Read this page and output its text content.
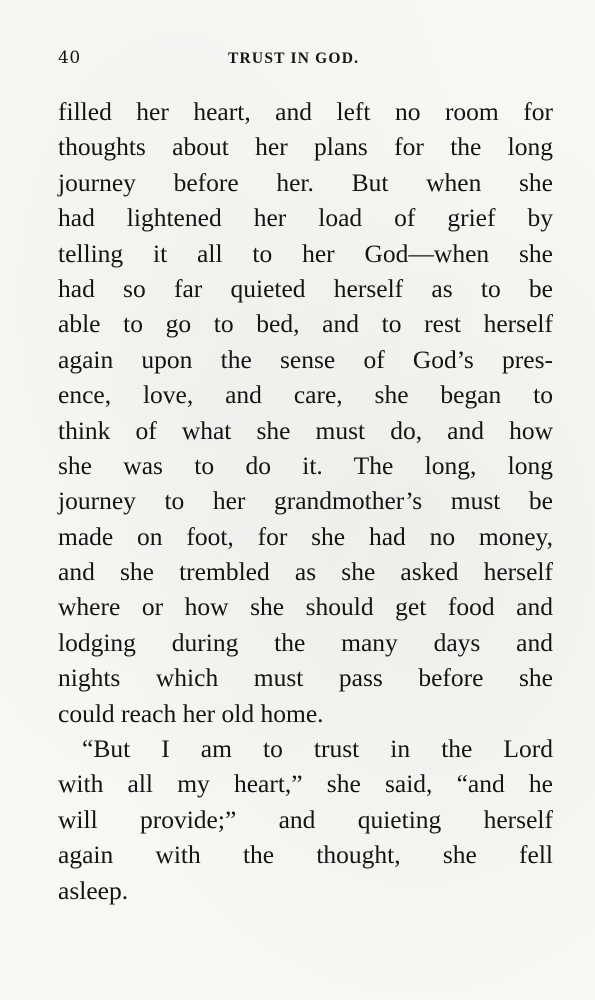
40	TRUST IN GOD.
filled her heart, and left no room for
thoughts about her plans for the long
journey before her. But when she
had lightened her load of grief by
telling it all to her God—when she
had so far quieted herself as to be
able to go to bed, and to rest herself
again upon the sense of God’s pres-
ence, love, and care, she began to
think of what she must do, and how
she was to do it. The long, long
journey to her grandmother’s must be
made on foot, for she had no money,
and she trembled as she asked herself
where or how she should get food and
lodging during the many days and
nights which must pass before she
could reach her old home.
“But I am to trust in the Lord
with all my heart,” she said, “and he
will provide;” and quieting herself
again with the thought, she fell
asleep.
